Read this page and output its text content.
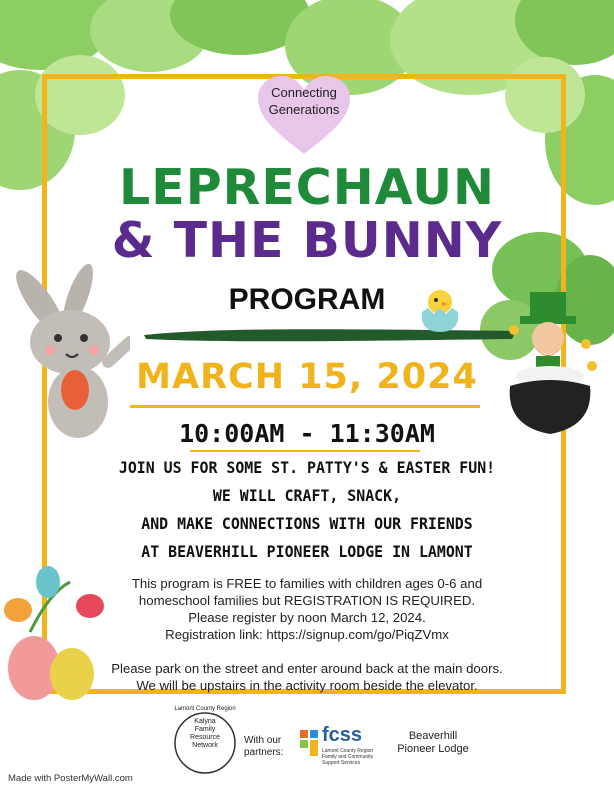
Connecting
Generations
LEPRECHAUN
& THE BUNNY
PROGRAM
MARCH 15, 2024
10:00AM - 11:30AM
JOIN US FOR SOME ST. PATTY'S & EASTER FUN!
WE WILL CRAFT, SNACK,
AND MAKE CONNECTIONS WITH OUR FRIENDS
AT BEAVERHILL PIONEER LODGE IN LAMONT
This program is FREE to families with children ages 0-6 and
homeschool families but REGISTRATION IS REQUIRED.
Please register by noon March 12, 2024.
Registration link: https://signup.com/go/PiqZVmx
Please park on the street and enter around back at the main doors.
We will be upstairs in the activity room beside the elevator.
Lamont County Region
Kalyna
Family
Resource
Network	With our
partners:
fcss
Lamont County Region
Family and Community
Support Services
Beaverhill
Pioneer Lodge
Made with PosterMyWall.com
